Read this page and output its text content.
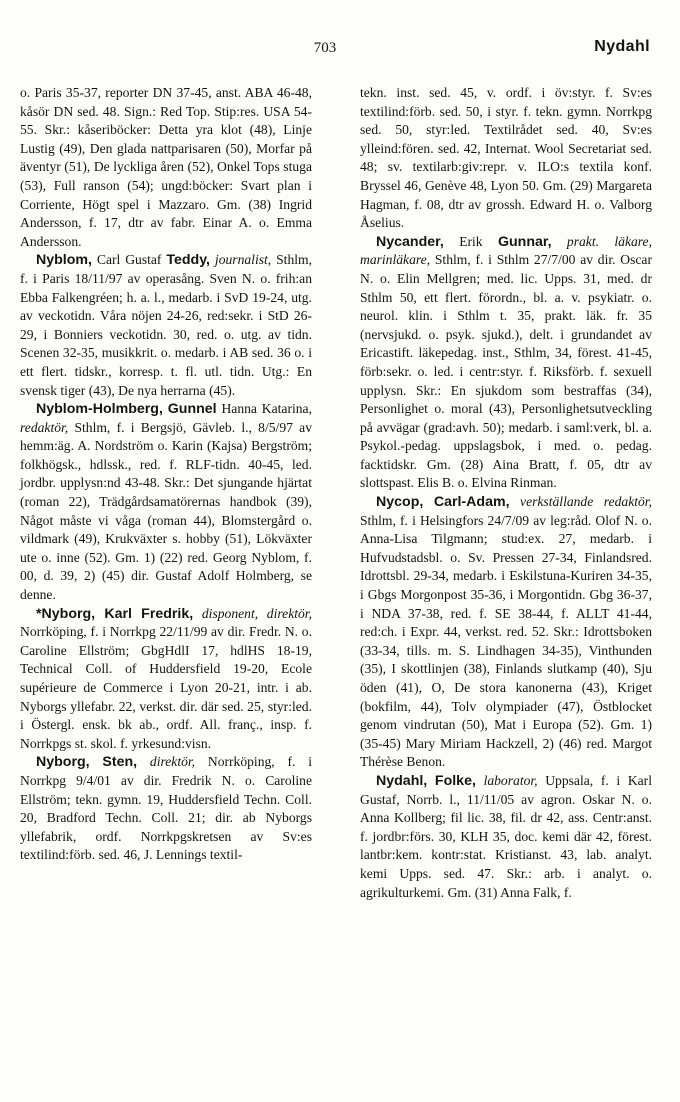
703	Nydahl
o. Paris 35-37, reporter DN 37-45, anst. ABA 46-48, kåsör DN sed. 48. Sign.: Red Top. Stip:res. USA 54-55. Skr.: kåseriböcker: Detta yra klot (48), Linje Lustig (49), Den glada nattparisaren (50), Morfar på äventyr (51), De lyckliga åren (52), Onkel Tops stuga (53), Full ranson (54); ungd:böcker: Svart plan i Corriente, Högt spel i Mazzaro. Gm. (38) Ingrid Andersson, f. 17, dtr av fabr. Einar A. o. Emma Andersson.
Nyblom, Carl Gustaf Teddy, journalist, Sthlm, f. i Paris 18/11/97 av operasång. Sven N. o. frih:an Ebba Falkengréen; h. a. l., medarb. i SvD 19-24, utg. av veckotidn. Våra nöjen 24-26, red:sekr. i StD 26-29, i Bonniers veckotidn. 30, red. o. utg. av tidn. Scenen 32-35, musikkrit. o. medarb. i AB sed. 36 o. i ett flert. tidskr., korresp. t. fl. utl. tidn. Utg.: En svensk tiger (43), De nya herrarna (45).
Nyblom-Holmberg, Gunnel Hanna Katarina, redaktör, Sthlm, f. i Bergsjö, Gävleb. l., 8/5/97 av hemm:äg. A. Nordström o. Karin (Kajsa) Bergström; folkhögsk., hdlssk., red. f. RLF-tidn. 40-45, led. jordbr. upplysn:nd 43-48. Skr.: Det sjungande hjärtat (roman 22), Trädgårdsamatörernas handbok (39), Något måste vi våga (roman 44), Blomstergård o. vildmark (49), Krukväxter s. hobby (51), Lökväxter ute o. inne (52). Gm. 1) (22) red. Georg Nyblom, f. 00, d. 39, 2) (45) dir. Gustaf Adolf Holmberg, se denne.
*Nyborg, Karl Fredrik, disponent, direktör, Norrköping, f. i Norrkpg 22/11/99 av dir. Fredr. N. o. Caroline Ellström; GbgHdlI 17, hdlHS 18-19, Technical Coll. of Huddersfield 19-20, Ecole supérieure de Commerce i Lyon 20-21, intr. i ab. Nyborgs yllefabr. 22, verkst. dir. där sed. 25, styr:led. i Östergl. ensk. bk ab., ordf. All. franç., insp. f. Norrkpgs st. skol. f. yrkesund:visn.
Nyborg, Sten, direktör, Norrköping, f. i Norrkpg 9/4/01 av dir. Fredrik N. o. Caroline Ellström; tekn. gymn. 19, Huddersfield Techn. Coll. 20, Bradford Techn. Coll. 21; dir. ab Nyborgs yllefabrik, ordf. Norrkpgskretsen av Sv:es textilind:förb. sed. 46, J. Lennings textil-
tekn. inst. sed. 45, v. ordf. i öv:styr. f. Sv:es textilind:förb. sed. 50, i styr. f. tekn. gymn. Norrkpg sed. 50, styr:led. Textilrådet sed. 40, Sv:es ylleind:fören. sed. 42, Internat. Wool Secretariat sed. 48; sv. textilarb:giv:repr. v. ILO:s textila konf. Bryssel 46, Genève 48, Lyon 50. Gm. (29) Margareta Hagman, f. 08, dtr av grossh. Edward H. o. Valborg Åselius.
Nycander, Erik Gunnar, prakt. läkare, marinläkare, Sthlm, f. i Sthlm 27/7/00 av dir. Oscar N. o. Elin Mellgren; med. lic. Upps. 31, med. dr Sthlm 50, ett flert. förordn., bl. a. v. psykiatr. o. neurol. klin. i Sthlm t. 35, prakt. läk. fr. 35 (nervsjukd. o. psyk. sjukd.), delt. i grundandet av Ericastift. läkepedag. inst., Sthlm, 34, förest. 41-45, förb:sekr. o. led. i centr:styr. f. Riksförb. f. sexuell upplysn. Skr.: En sjukdom som bestraffas (34), Personlighet o. moral (43), Personlighetsutveckling på avvägar (grad:avh. 50); medarb. i saml:verk, bl. a. Psykol.-pedag. uppslagsbok, i med. o. pedag. facktidskr. Gm. (28) Aina Bratt, f. 05, dtr av slottspast. Elis B. o. Elvina Rinman.
Nycop, Carl-Adam, verkställande redaktör, Sthlm, f. i Helsingfors 24/7/09 av leg:råd. Olof N. o. Anna-Lisa Tilgmann; stud:ex. 27, medarb. i Hufvudstadsbl. o. Sv. Pressen 27-34, Finlandsred. Idrottsbl. 29-34, medarb. i Eskilstuna-Kuriren 34-35, i Gbgs Morgonpost 35-36, i Morgontidn. Gbg 36-37, i NDA 37-38, red. f. SE 38-44, f. ALLT 41-44, red:ch. i Expr. 44, verkst. red. 52. Skr.: Idrottsboken (33-34, tills. m. S. Lindhagen 34-35), Vinthunden (35), I skottlinjen (38), Finlands slutkamp (40), Sju öden (41), O, De stora kanonerna (43), Kriget (bokfilm, 44), Tolv olympiader (47), Östblocket genom vindrutan (50), Mat i Europa (52). Gm. 1) (35-45) Mary Miriam Hackzell, 2) (46) red. Margot Thérèse Benon.
Nydahl, Folke, laborator, Uppsala, f. i Karl Gustaf, Norrb. l., 11/11/05 av agron. Oskar N. o. Anna Kollberg; fil lic. 38, fil. dr 42, ass. Centr:anst. f. jordbr:förs. 30, KLH 35, doc. kemi där 42, förest. lantbr:kem. kontr:stat. Kristianst. 43, lab. analyt. kemi Upps. sed. 47. Skr.: arb. i analyt. o. agrikulturkemi. Gm. (31) Anna Falk, f.
